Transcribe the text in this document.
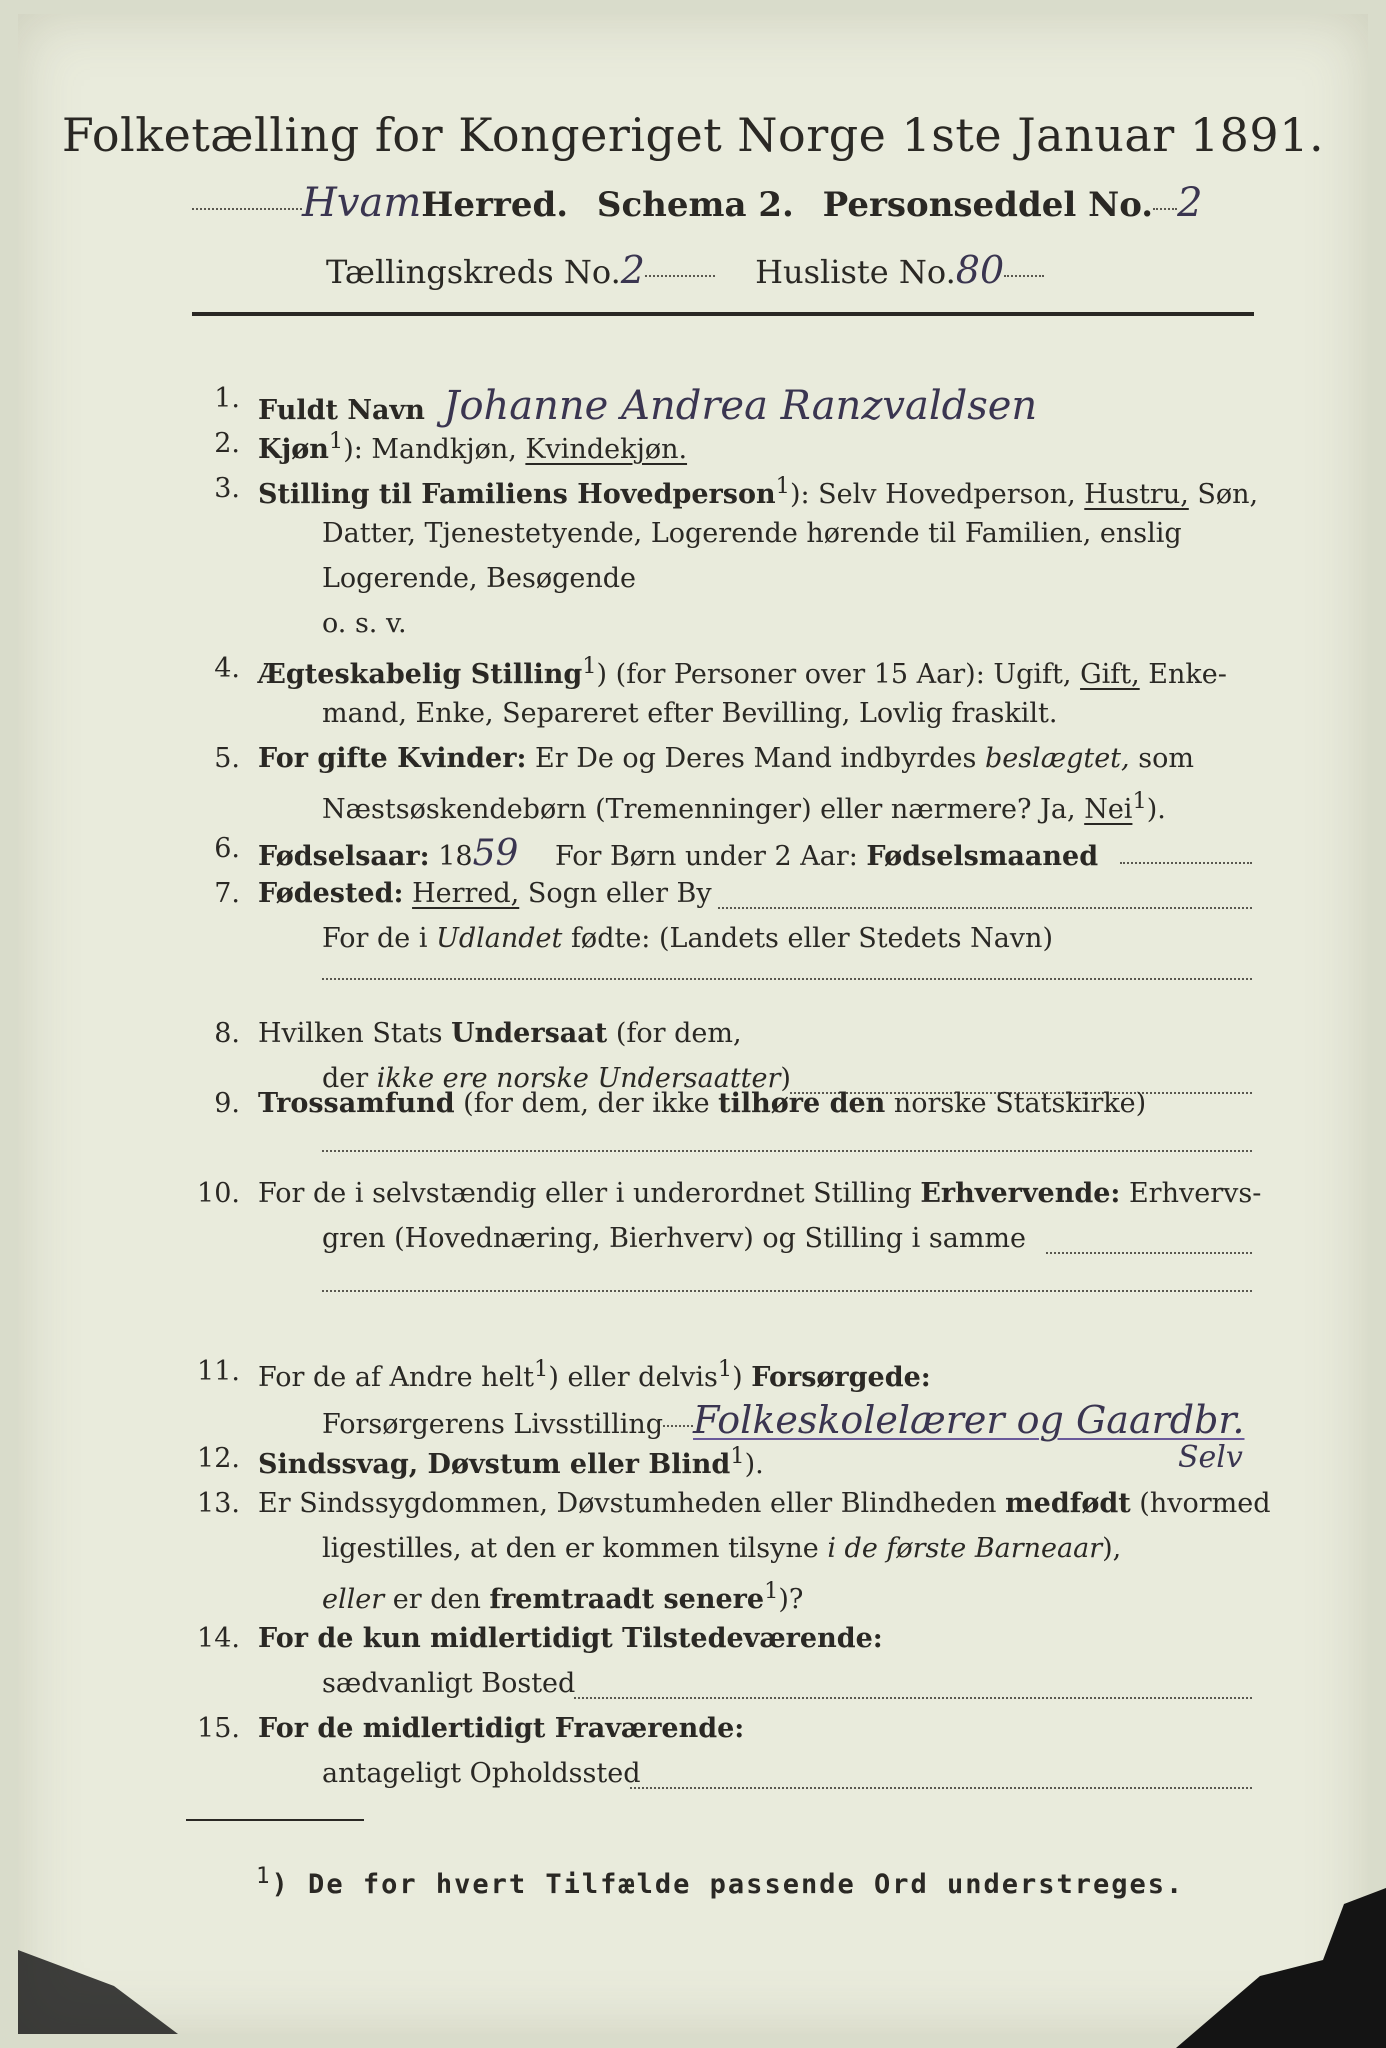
Folketælling for Kongeriget Norge 1ste Januar 1891.
HvamHerred. Schema 2. Personseddel No. 2
Tællingskreds No.2	Husliste No.80
1. Fuldt Navn Johanne Andrea Ranzvaldsen
2. Kjøn$^1$): Mandkjøn, Kvindekjøn.
3. Stilling til Familiens Hovedperson$^1$): Selv Hovedperson, Hustru, Søn,
Datter, Tjenestetyende, Logerende hørende til Familien, enslig
Logerende, Besøgende
o. s. v.
4. Ægteskabelig Stilling$^1$) (for Personer over 15 Aar): Ugift, Gift, Enke-
mand, Enke, Separeret efter Bevilling, Lovlig fraskilt.
5. For gifte Kvinder: Er De og Deres Mand indbyrdes beslægtet, som
Næstsøskendebørn (Tremenninger) eller nærmere? Ja, Nei$^1$).
6. Fødselsaar: 1859 For Børn under 2 Aar: Fødselsmaaned
7. Fødested: Herred, Sogn eller By
For de i Udlandet fødte: (Landets eller Stedets Navn)
8. Hvilken Stats Undersaat (for dem,
der ikke ere norske Undersaatter)
9. Trossamfund (for dem, der ikke tilhøre den norske Statskirke)
10. For de i selvstændig eller i underordnet Stilling Erhvervende: Erhvervs-
gren (Hovednæring, Bierhverv) og Stilling i samme
11. For de af Andre helt$^1$) eller delvis$^1$) Forsørgede:
Forsørgerens Livsstilling Folkeskolelærer og Gaardbr.
Selv
12. Sindssvag, Døvstum eller Blind$^1$).
13. Er Sindssygdommen, Døvstumheden eller Blindheden medfødt (hvormed
ligestilles, at den er kommen tilsyne i de første Barneaar),
eller er den fremtraadt senere$^1$)?
14. For de kun midlertidigt Tilstedeværende:
sædvanligt Bosted
15. For de midlertidigt Fraværende:
antageligt Opholdssted
$^1$) De for hvert Tilfælde passende Ord understreges.
